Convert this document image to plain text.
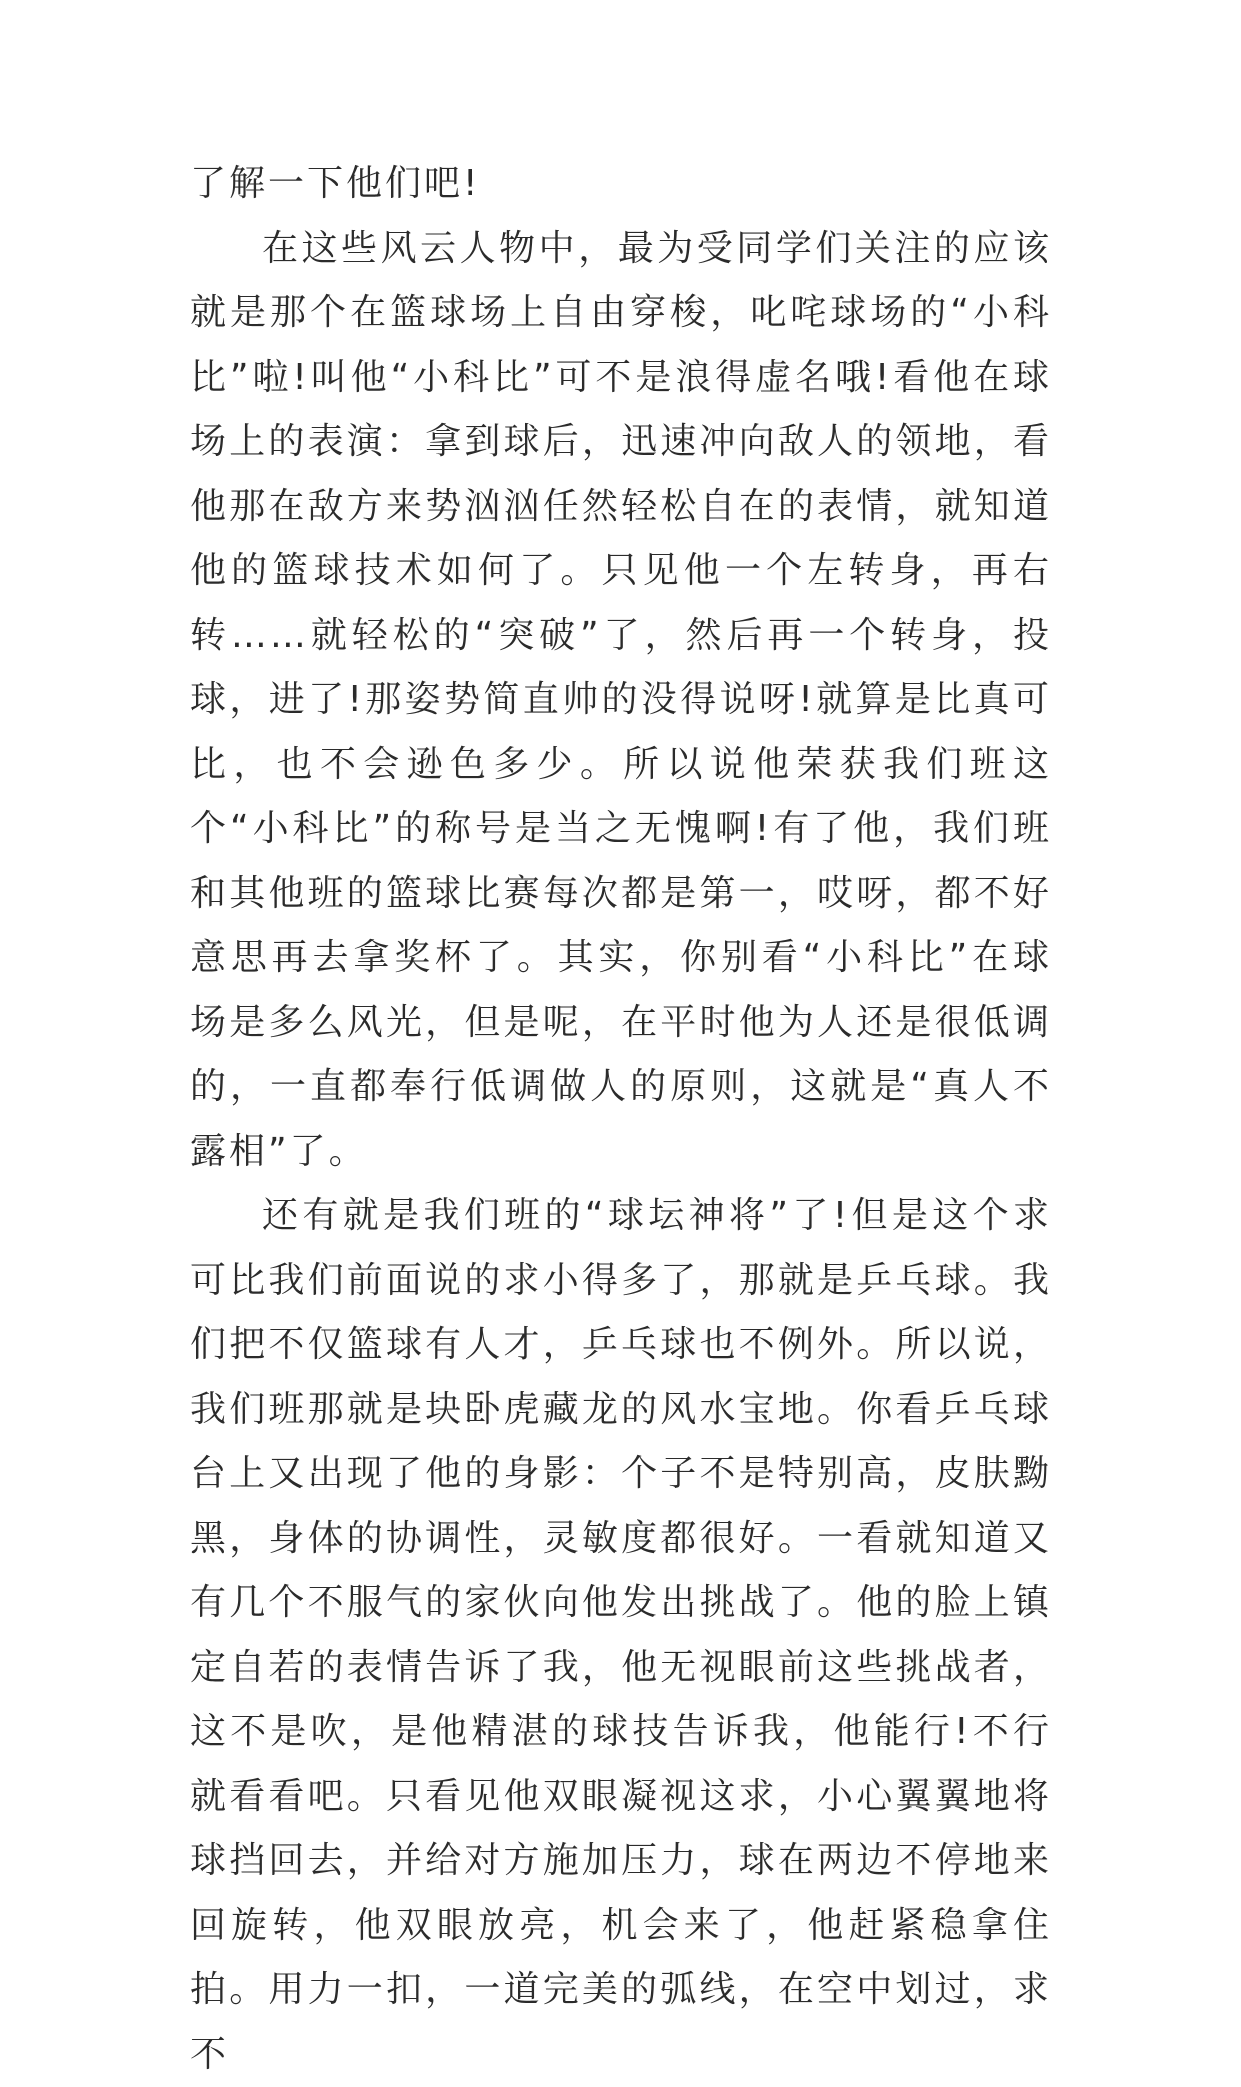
了解一下他们吧!

在这些风云人物中，最为受同学们关注的应该就是那个在篮球场上自由穿梭，叱咤球场的“小科比”啦!叫他“小科比”可不是浪得虚名哦!看他在球场上的表演：拿到球后，迅速冲向敌人的领地，看他那在敌方来势汹汹任然轻松自在的表情，就知道他的篮球技术如何了。只见他一个左转身，再右转……就轻松的“突破”了，然后再一个转身，投球，进了!那姿势简直帅的没得说呀!就算是比真可比，也不会逊色多少。所以说他荣获我们班这个“小科比”的称号是当之无愧啊!有了他，我们班和其他班的篮球比赛每次都是第一，哎呀，都不好意思再去拿奖杯了。其实，你别看“小科比”在球场是多么风光，但是呢，在平时他为人还是很低调的，一直都奉行低调做人的原则，这就是“真人不露相”了。

还有就是我们班的“球坛神将”了!但是这个求可比我们前面说的求小得多了，那就是乒乓球。我们把不仅篮球有人才，乒乓球也不例外。所以说，我们班那就是块卧虎藏龙的风水宝地。你看乒乓球台上又出现了他的身影：个子不是特别高，皮肤黝黑，身体的协调性，灵敏度都很好。一看就知道又有几个不服气的家伙向他发出挑战了。他的脸上镇定自若的表情告诉了我，他无视眼前这些挑战者，这不是吹，是他精湛的球技告诉我，他能行!不行就看看吧。只看见他双眼凝视这求，小心翼翼地将球挡回去，并给对方施加压力，球在两边不停地来回旋转，他双眼放亮，机会来了，他赶紧稳拿住拍。用力一扣，一道完美的弧线，在空中划过，求不
